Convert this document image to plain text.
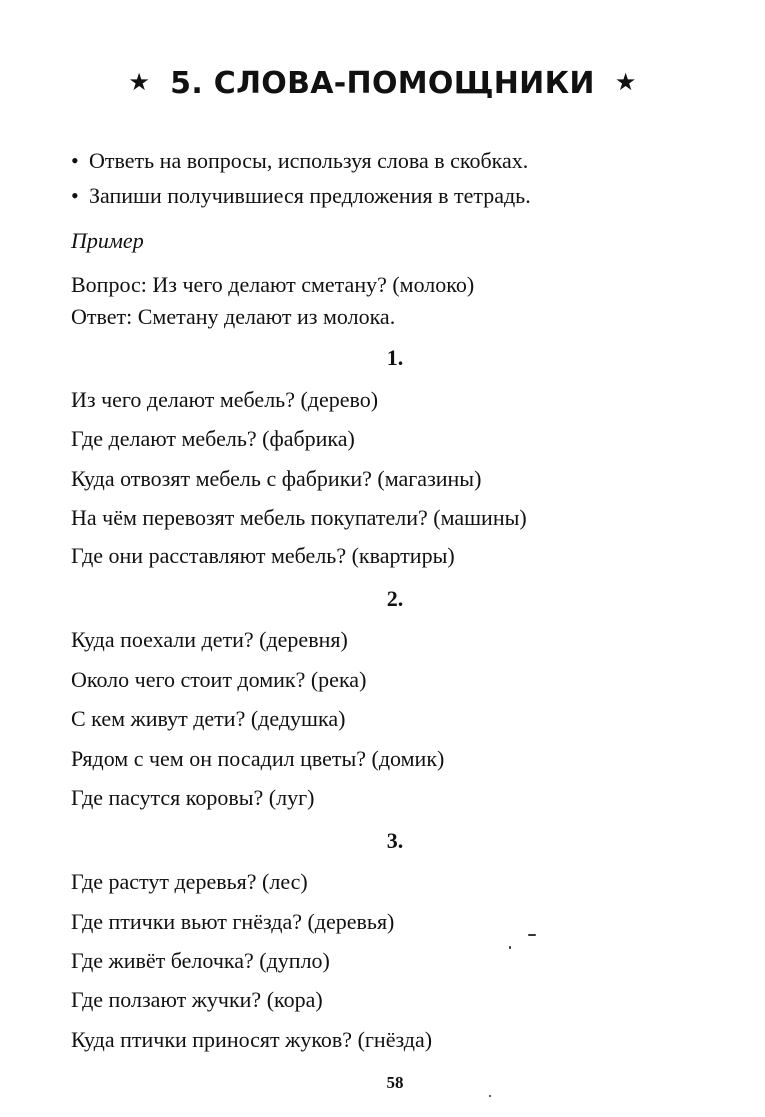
★ 5. СЛОВА-ПОМОЩНИКИ ★
• Ответь на вопросы, используя слова в скобках.
• Запиши получившиеся предложения в тетрадь.
Пример
Вопрос: Из чего делают сметану? (молоко)
Ответ: Сметану делают из молока.
1.
Из чего делают мебель? (дерево)
Где делают мебель? (фабрика)
Куда отвозят мебель с фабрики? (магазины)
На чём перевозят мебель покупатели? (машины)
Где они расставляют мебель? (квартиры)
2.
Куда поехали дети? (деревня)
Около чего стоит домик? (река)
С кем живут дети? (дедушка)
Рядом с чем он посадил цветы? (домик)
Где пасутся коровы? (луг)
3.
Где растут деревья? (лес)
Где птички вьют гнёзда? (деревья)
Где живёт белочка? (дупло)
Где ползают жучки? (кора)
Куда птички приносят жуков? (гнёзда)
58
